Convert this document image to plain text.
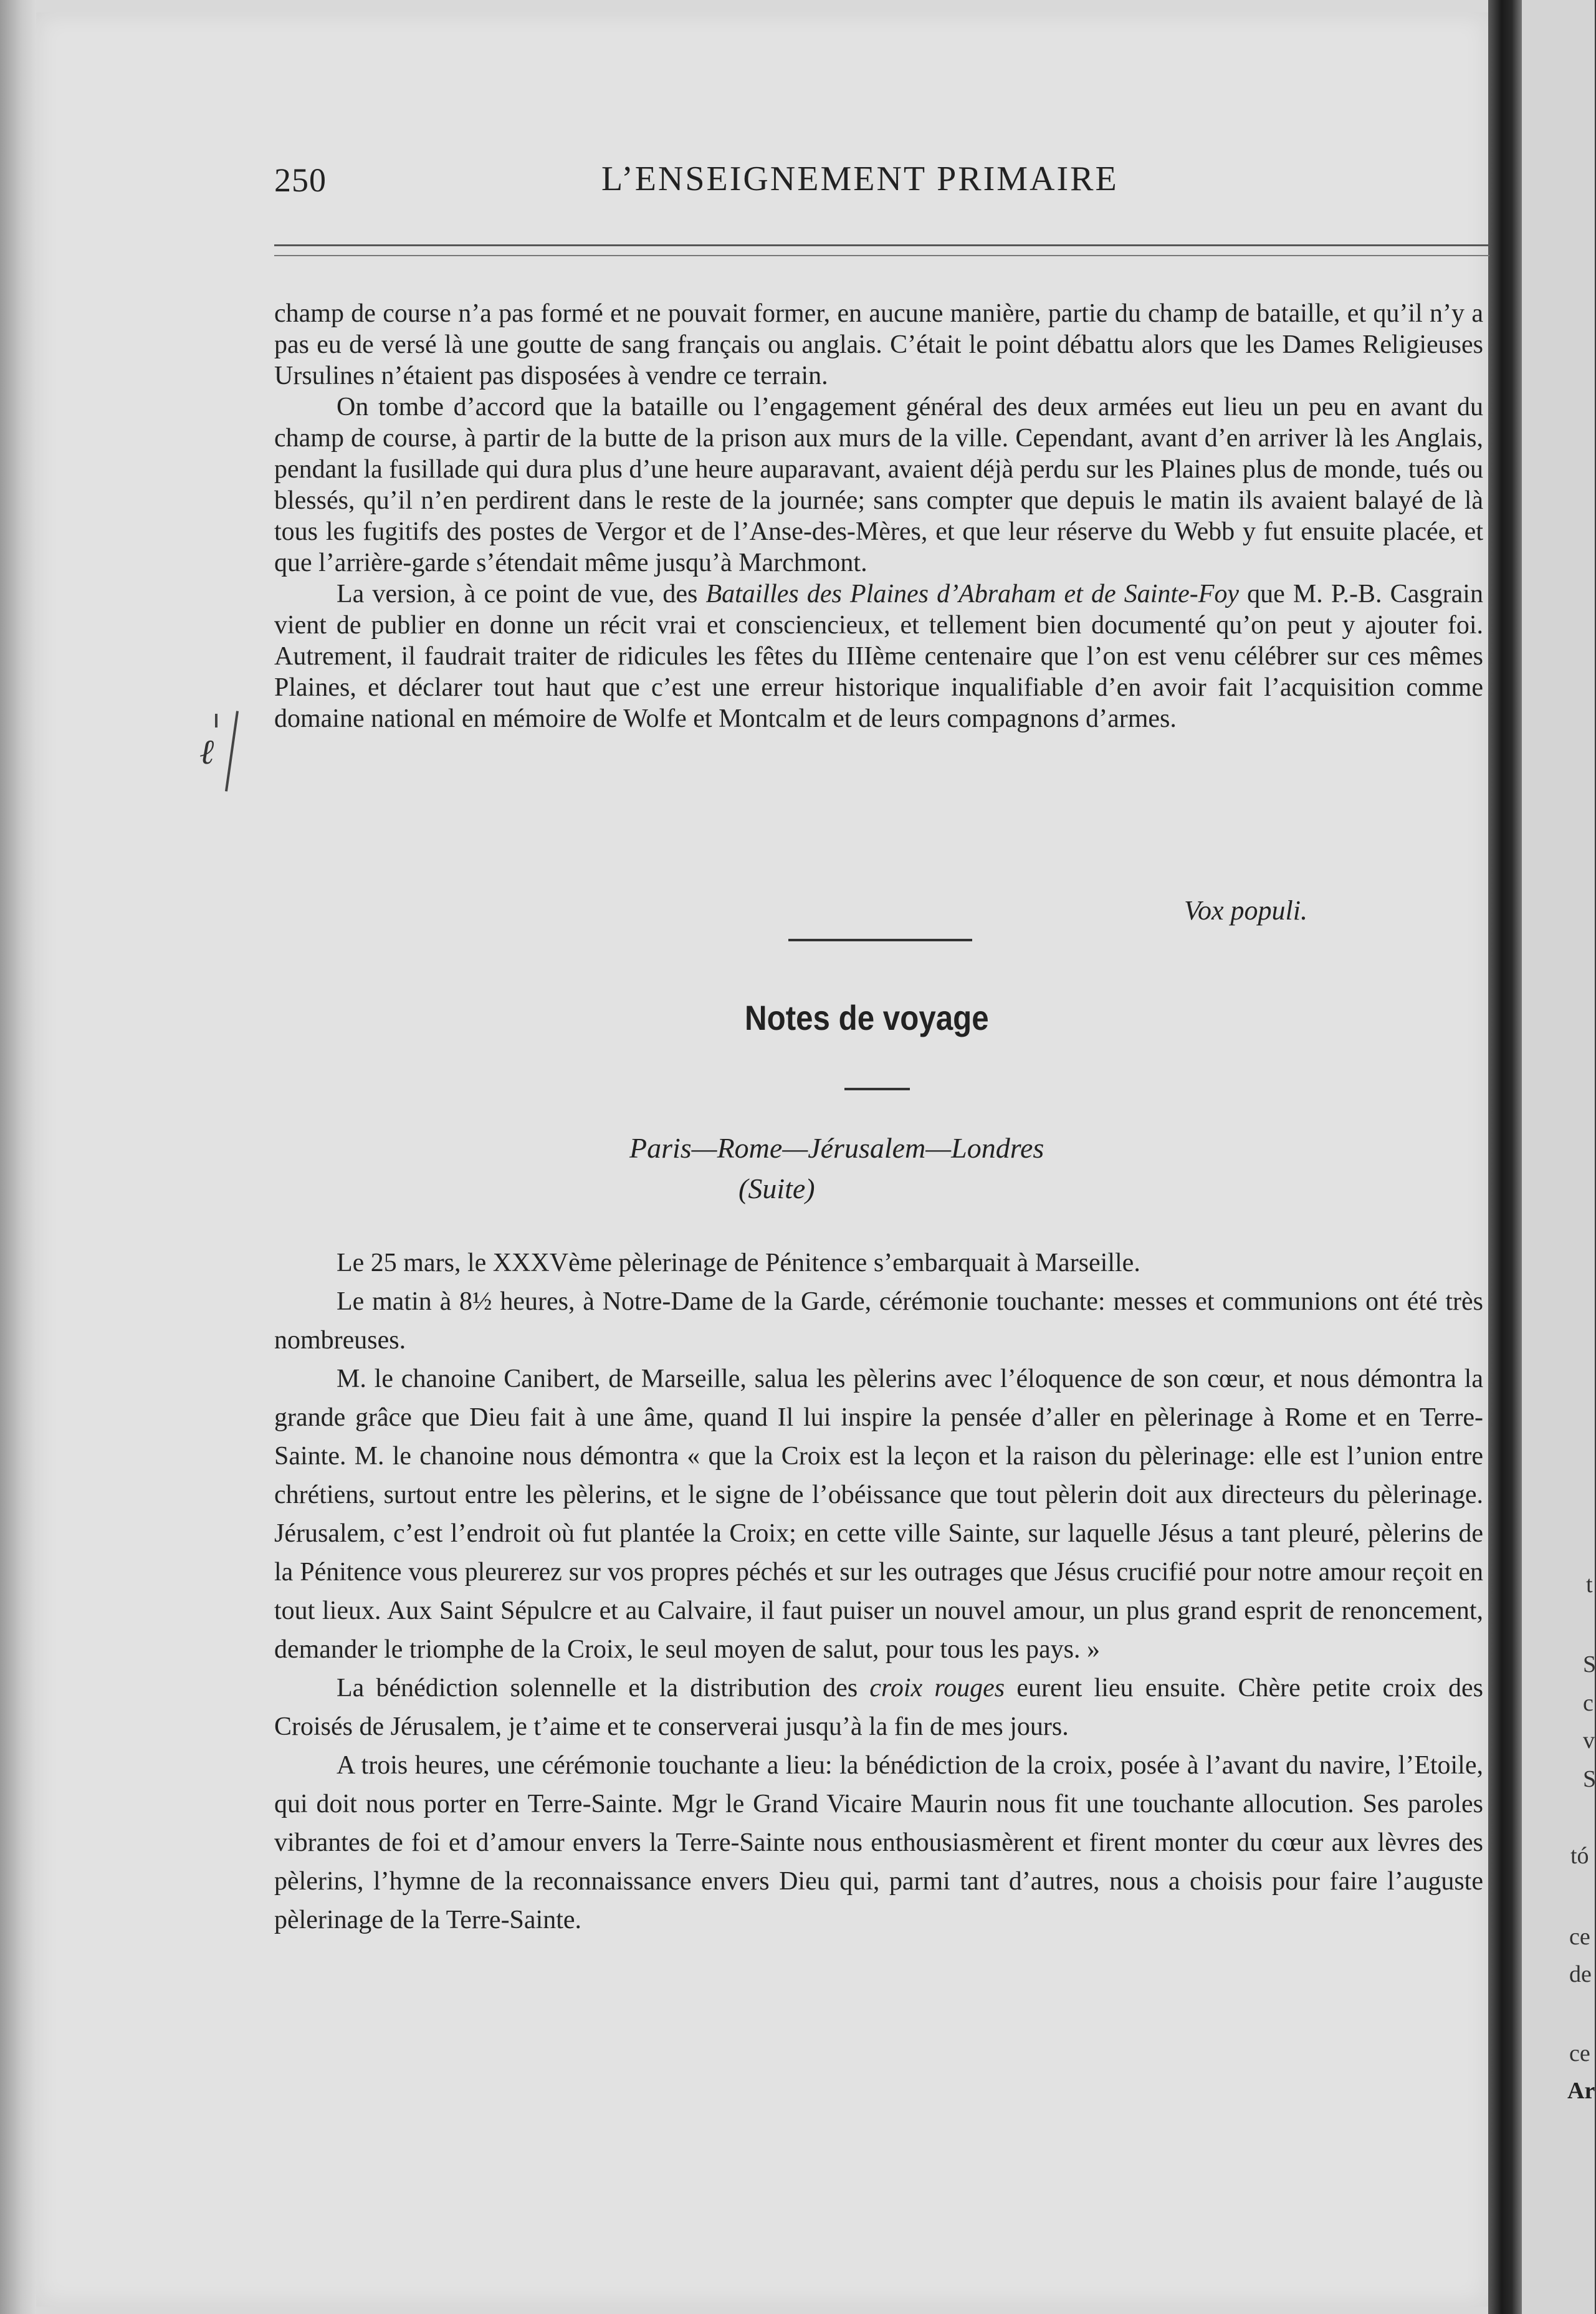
t
S
c
v
S
tó
ce
de
ce
Ar
250	L’ENSEIGNEMENT PRIMAIRE
ℓ

champ de course n’a pas formé et ne pouvait former, en aucune manière, partie du champ de bataille, et qu’il n’y a pas eu de versé là une goutte de sang français ou anglais. C’était le point débattu alors que les Dames Religieuses Ursulines n’étaient pas disposées à vendre ce terrain.

On tombe d’accord que la bataille ou l’engagement général des deux armées eut lieu un peu en avant du champ de course, à partir de la butte de la prison aux murs de la ville. Cependant, avant d’en arriver là les Anglais, pendant la fusillade qui dura plus d’une heure auparavant, avaient déjà perdu sur les Plaines plus de monde, tués ou blessés, qu’il n’en perdirent dans le reste de la journée; sans compter que depuis le matin ils avaient balayé de là tous les fugitifs des postes de Vergor et de l’Anse-des-Mères, et que leur réserve du Webb y fut ensuite placée, et que l’arrière-garde s’étendait même jusqu’à Marchmont.

La version, à ce point de vue, des Batailles des Plaines d’Abraham et de Sainte-Foy que M. P.-B. Casgrain vient de publier en donne un récit vrai et consciencieux, et tellement bien documenté qu’on peut y ajouter foi. Autrement, il faudrait traiter de ridicules les fêtes du IIIème centenaire que l’on est venu célébrer sur ces mêmes Plaines, et déclarer tout haut que c’est une erreur historique inqualifiable d’en avoir fait l’acquisition comme domaine national en mémoire de Wolfe et Montcalm et de leurs compagnons d’armes.

Vox populi.
Notes de voyage
Paris—Rome—Jérusalem—Londres
(Suite)

Le 25 mars, le XXXVème pèlerinage de Pénitence s’embarquait à Marseille.

Le matin à 8½ heures, à Notre-Dame de la Garde, cérémonie touchante: messes et communions ont été très nombreuses.

M. le chanoine Canibert, de Marseille, salua les pèlerins avec l’éloquence de son cœur, et nous démontra la grande grâce que Dieu fait à une âme, quand Il lui inspire la pensée d’aller en pèlerinage à Rome et en Terre-Sainte. M. le chanoine nous démontra « que la Croix est la leçon et la raison du pèlerinage: elle est l’union entre chrétiens, surtout entre les pèlerins, et le signe de l’obéissance que tout pèlerin doit aux directeurs du pèlerinage. Jérusalem, c’est l’endroit où fut plantée la Croix; en cette ville Sainte, sur laquelle Jésus a tant pleuré, pèlerins de la Pénitence vous pleurerez sur vos propres péchés et sur les outrages que Jésus crucifié pour notre amour reçoit en tout lieux. Aux Saint Sépulcre et au Calvaire, il faut puiser un nouvel amour, un plus grand esprit de renoncement, demander le triomphe de la Croix, le seul moyen de salut, pour tous les pays. »

La bénédiction solennelle et la distribution des croix rouges eurent lieu ensuite. Chère petite croix des Croisés de Jérusalem, je t’aime et te conserverai jusqu’à la fin de mes jours.

A trois heures, une cérémonie touchante a lieu: la bénédiction de la croix, posée à l’avant du navire, l’Etoile, qui doit nous porter en Terre-Sainte. Mgr le Grand Vicaire Maurin nous fit une touchante allocution. Ses paroles vibrantes de foi et d’amour envers la Terre-Sainte nous enthousiasmèrent et firent monter du cœur aux lèvres des pèlerins, l’hymne de la reconnaissance envers Dieu qui, parmi tant d’autres, nous a choisis pour faire l’auguste pèlerinage de la Terre-Sainte.
